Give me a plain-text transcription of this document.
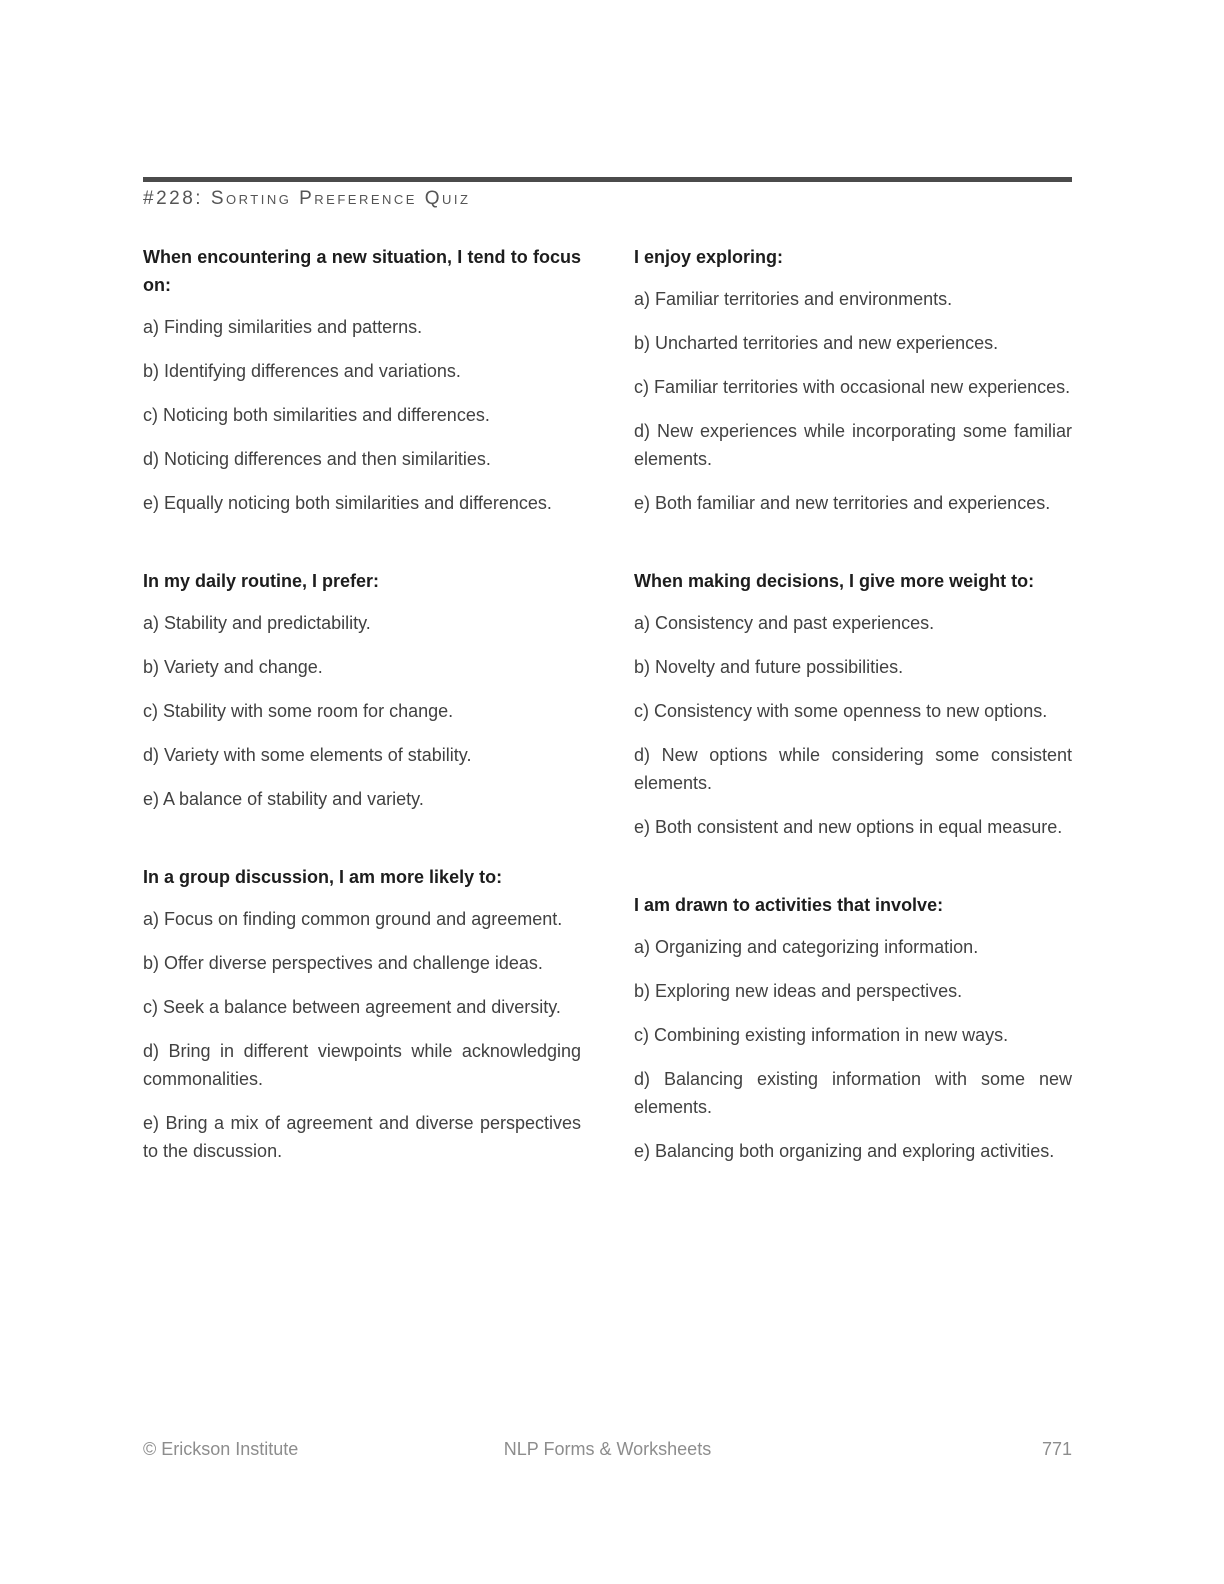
#228: Sorting Preference Quiz
When encountering a new situation, I tend to focus on:

a) Finding similarities and patterns.

b) Identifying differences and variations.

c) Noticing both similarities and differences.

d) Noticing differences and then similarities.

e) Equally noticing both similarities and differences.

In my daily routine, I prefer:

a) Stability and predictability.

b) Variety and change.

c) Stability with some room for change.

d) Variety with some elements of stability.

e) A balance of stability and variety.

In a group discussion, I am more likely to:

a) Focus on finding common ground and agreement.

b) Offer diverse perspectives and challenge ideas.

c) Seek a balance between agreement and diversity.

d) Bring in different viewpoints while acknowledging commonalities.

e) Bring a mix of agreement and diverse perspectives to the discussion.

I enjoy exploring:

a) Familiar territories and environments.

b) Uncharted territories and new experiences.

c) Familiar territories with occasional new experiences.

d) New experiences while incorporating some familiar elements.

e) Both familiar and new territories and experiences.

When making decisions, I give more weight to:

a) Consistency and past experiences.

b) Novelty and future possibilities.

c) Consistency with some openness to new options.

d) New options while considering some consistent elements.

e) Both consistent and new options in equal measure.

I am drawn to activities that involve:

a) Organizing and categorizing information.

b) Exploring new ideas and perspectives.

c) Combining existing information in new ways.

d) Balancing existing information with some new elements.

e) Balancing both organizing and exploring activities.

© Erickson Institute	NLP Forms & Worksheets	771
